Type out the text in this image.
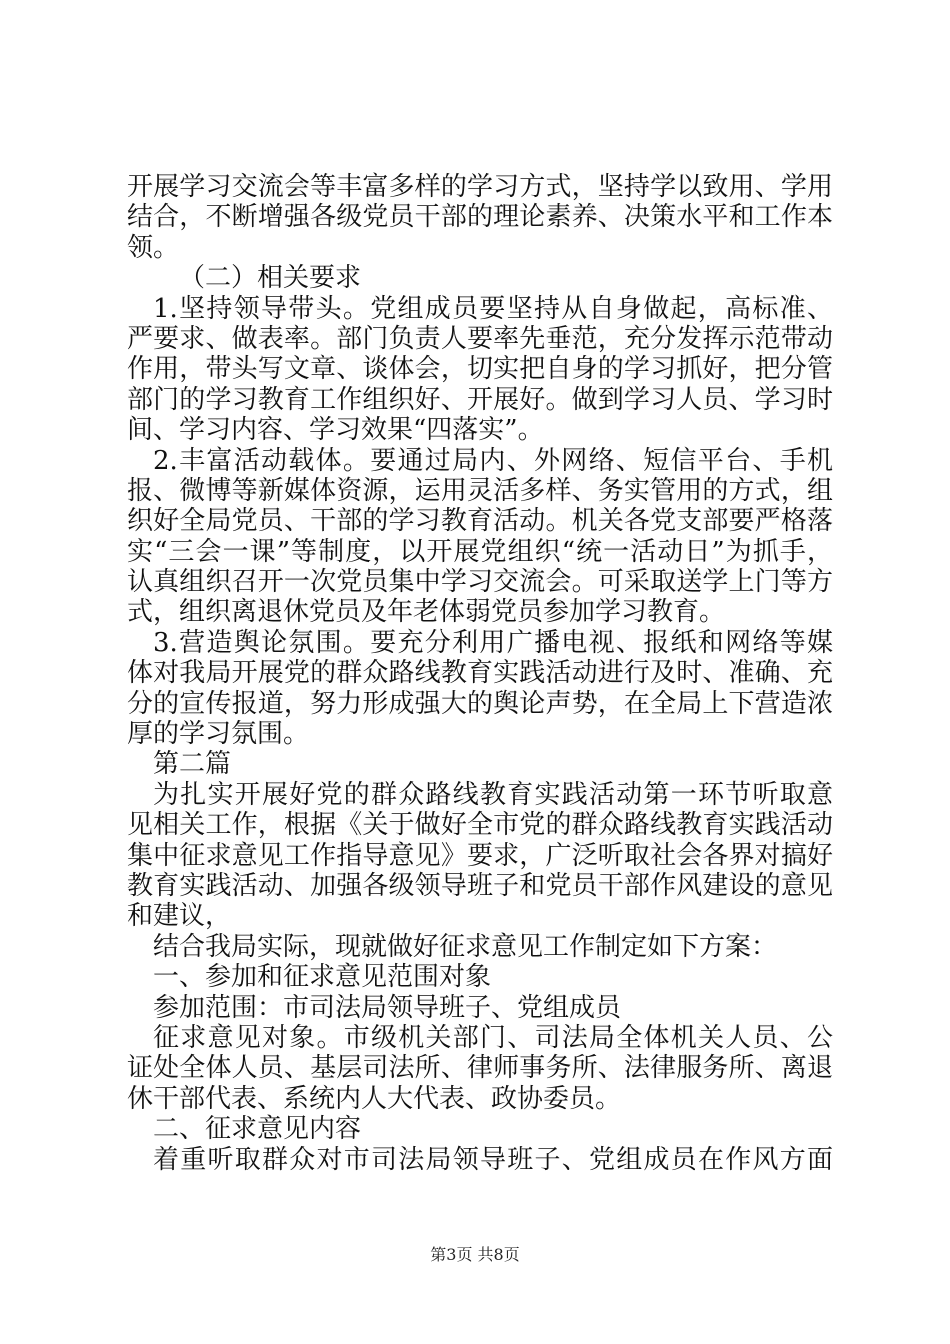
开展学习交流会等丰富多样的学习方式，坚持学以致用、学用
结合，不断增强各级党员干部的理论素养、决策水平和工作本
领。
（二）相关要求
1.坚持领导带头。党组成员要坚持从自身做起，高标准、
严要求、做表率。部门负责人要率先垂范，充分发挥示范带动
作用，带头写文章、谈体会，切实把自身的学习抓好，把分管
部门的学习教育工作组织好、开展好。做到学习人员、学习时
间、学习内容、学习效果“四落实”。
2.丰富活动载体。要通过局内、外网络、短信平台、手机
报、微博等新媒体资源，运用灵活多样、务实管用的方式，组
织好全局党员、干部的学习教育活动。机关各党支部要严格落
实“三会一课”等制度，以开展党组织“统一活动日”为抓手，
认真组织召开一次党员集中学习交流会。可采取送学上门等方
式，组织离退休党员及年老体弱党员参加学习教育。
3.营造舆论氛围。要充分利用广播电视、报纸和网络等媒
体对我局开展党的群众路线教育实践活动进行及时、准确、充
分的宣传报道，努力形成强大的舆论声势，在全局上下营造浓
厚的学习氛围。
第二篇
为扎实开展好党的群众路线教育实践活动第一环节听取意
见相关工作，根据《关于做好全市党的群众路线教育实践活动
集中征求意见工作指导意见》要求，广泛听取社会各界对搞好
教育实践活动、加强各级领导班子和党员干部作风建设的意见
和建议，
结合我局实际，现就做好征求意见工作制定如下方案：
一、参加和征求意见范围对象
参加范围：市司法局领导班子、党组成员
征求意见对象。市级机关部门、司法局全体机关人员、公
证处全体人员、基层司法所、律师事务所、法律服务所、离退
休干部代表、系统内人大代表、政协委员。
二、征求意见内容
着重听取群众对市司法局领导班子、党组成员在作风方面
第3页 共8页
